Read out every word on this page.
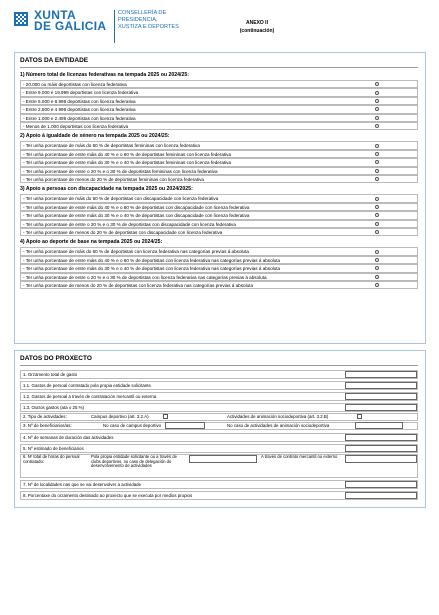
XUNTA
DE GALICIA
CONSELLERÍA DE
PRESIDENCIA,
XUSTIZA E DEPORTES
ANEXO II
(continuación)
DATOS DA ENTIDADE
1) Número total de licenzas federativas na tempada 2025 ou 2024/25:
- 20.000 ou máis deportistas con licenza federativa
- Entre 9.000 e 19.999 deportistas con licenza federativa
- Entre 5.000 e 8.999 deportistas con licenza federativa
- Entre 2.500 e 4.999 deportistas con licenza federativa
- Entre 1.000 e 2.499 deportistas con licenza federativa
- Menos de 1.000 deportistas con licenza federativa
2) Apoio á igualdade de xénero na tempada 2025 ou 2024/25:
- Ter unha porcentaxe de máis do 60 % de deportistas femininas con licenza federativa
- Ter unha porcentaxe de entre máis do 40 % e o 60 % de deportistas femininas con licenza federativa
- Ter unha porcentaxe de entre máis do 30 % e o 40 % de deportistas femininas con licenza federativa
- Ter unha porcentaxe de entre o 20 % e o 30 % de deportistas femininas con licenza federativa
- Ter unha porcentaxe de menos do 20 % de deportistas femininas con licenza federativa
3) Apoio a persoas con discapacidade na tempada 2025 ou 2024/2025:
- Ter unha porcentaxe de máis do 60 % de deportistas con discapacidade con licenza federativa
- Ter unha porcentaxe de entre máis do 40 % e o 60 % de deportistas con discapacidade con licenza federativa
- Ter unha porcentaxe de entre máis do 30 % e o 40 % de deportistas con discapacidade con licenza federativa
- Ter unha porcentaxe de entre o 20 % e o 30 % de deportistas con discapacidade con licenza federativa
- Ter unha porcentaxe de menos do 20 % de deportistas con discapacidade con licenza federativa
4) Apoio ao deporte de base na tempada 2025 ou 2024/25:
- Ter unha porcentaxe de máis do 60 % de deportistas con licenza federativa nas categorías previas á absoluta
- Ter unha porcentaxe de entre máis do 40 % e o 60 % de deportistas con licenza federativa nas categorías previas á absoluta
- Ter unha porcentaxe de entre máis do 30 % e o 40 % de deportistas con licenza federativa nas categorías previas á absoluta
- Ter unha porcentaxe de entre o 20 % e o 30 % de deportistas con licenza federativa nas categorías previas á absoluta
- Ter unha porcentaxe de menos do 20 % de deportistas con licenza federativa nas categorías previas á absoluta
DATOS DO PROXECTO
1. Orzamento total de gasto
1.1. Gastos de persoal contratado pola propia entidade solicitante
1.2. Gastos de persoal a través de contratación mercantil ou externa
1.3. Outros gastos (ata o 25 %)
2. Tipo de actividades:	Campus deportivo (art. 3.2.A)	Actividades de animación sociodeportiva (art. 3.2.B)
3. Nº de beneficiarios/as:	No caso de campus deportivo	No caso de actividades de animación sociodeportiva
4. Nº de semanas de duración das actividades
5. Nº estimado de beneficiarios
6. Nº total de horas do persoal contratado:
Pola propia entidade solicitante ou a través de clubs deportivos, no caso de delegación do desenvolvemento de actividades
A través de contrato mercantil ou externo
7. Nº de localidades nas que se vai desenvolver a actividade
8. Porcentaxe do orzamento destinado ao proxecto que se executa por medios propios
